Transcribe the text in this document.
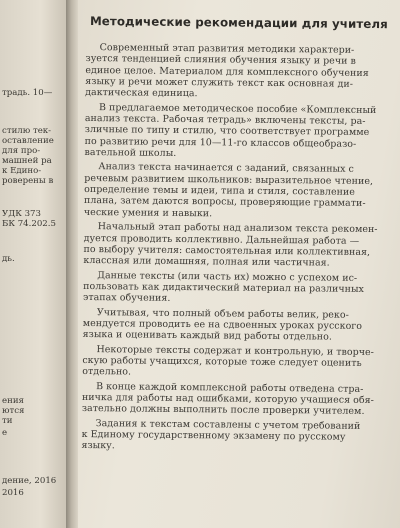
традь. 10—
стилю тек-
оставление
для про-
машней ра
к Едино-
роверены в
УДК 373
БК 74.202.5
дь.
ения
ются
ти
е
дение, 2016
2016
Методические рекомендации для учителя
Современный этап развития методики характери-
зуется тенденцией слияния обучения языку и речи в
единое целое. Материалом для комплексного обучения
языку и речи может служить текст как основная ди-
дактическая единица.
В предлагаемое методическое пособие «Комплексный
анализ текста. Рабочая тетрадь» включены тексты, ра-
зличные по типу и стилю, что соответствует программе
по развитию речи для 10—11-го классов общеобразо-
вательной школы.
Анализ текста начинается с заданий, связанных с
речевым развитием школьников: выразительное чтение,
определение темы и идеи, типа и стиля, составление
плана, затем даются вопросы, проверяющие граммати-
ческие умения и навыки.
Начальный этап работы над анализом текста рекомен-
дуется проводить коллективно. Дальнейшая работа —
по выбору учителя: самостоятельная или коллективная,
классная или домашняя, полная или частичная.
Данные тексты (или часть их) можно с успехом ис-
пользовать как дидактический материал на различных
этапах обучения.
Учитывая, что полный объем работы велик, реко-
мендуется проводить ее на сдвоенных уроках русского
языка и оценивать каждый вид работы отдельно.
Некоторые тексты содержат и контрольную, и творче-
скую работы учащихся, которые тоже следует оценить
отдельно.
В конце каждой комплексной работы отведена стра-
ничка для работы над ошибками, которую учащиеся обя-
зательно должны выполнить после проверки учителем.
Задания к текстам составлены с учетом требований
к Единому государственному экзамену по русскому
языку.
